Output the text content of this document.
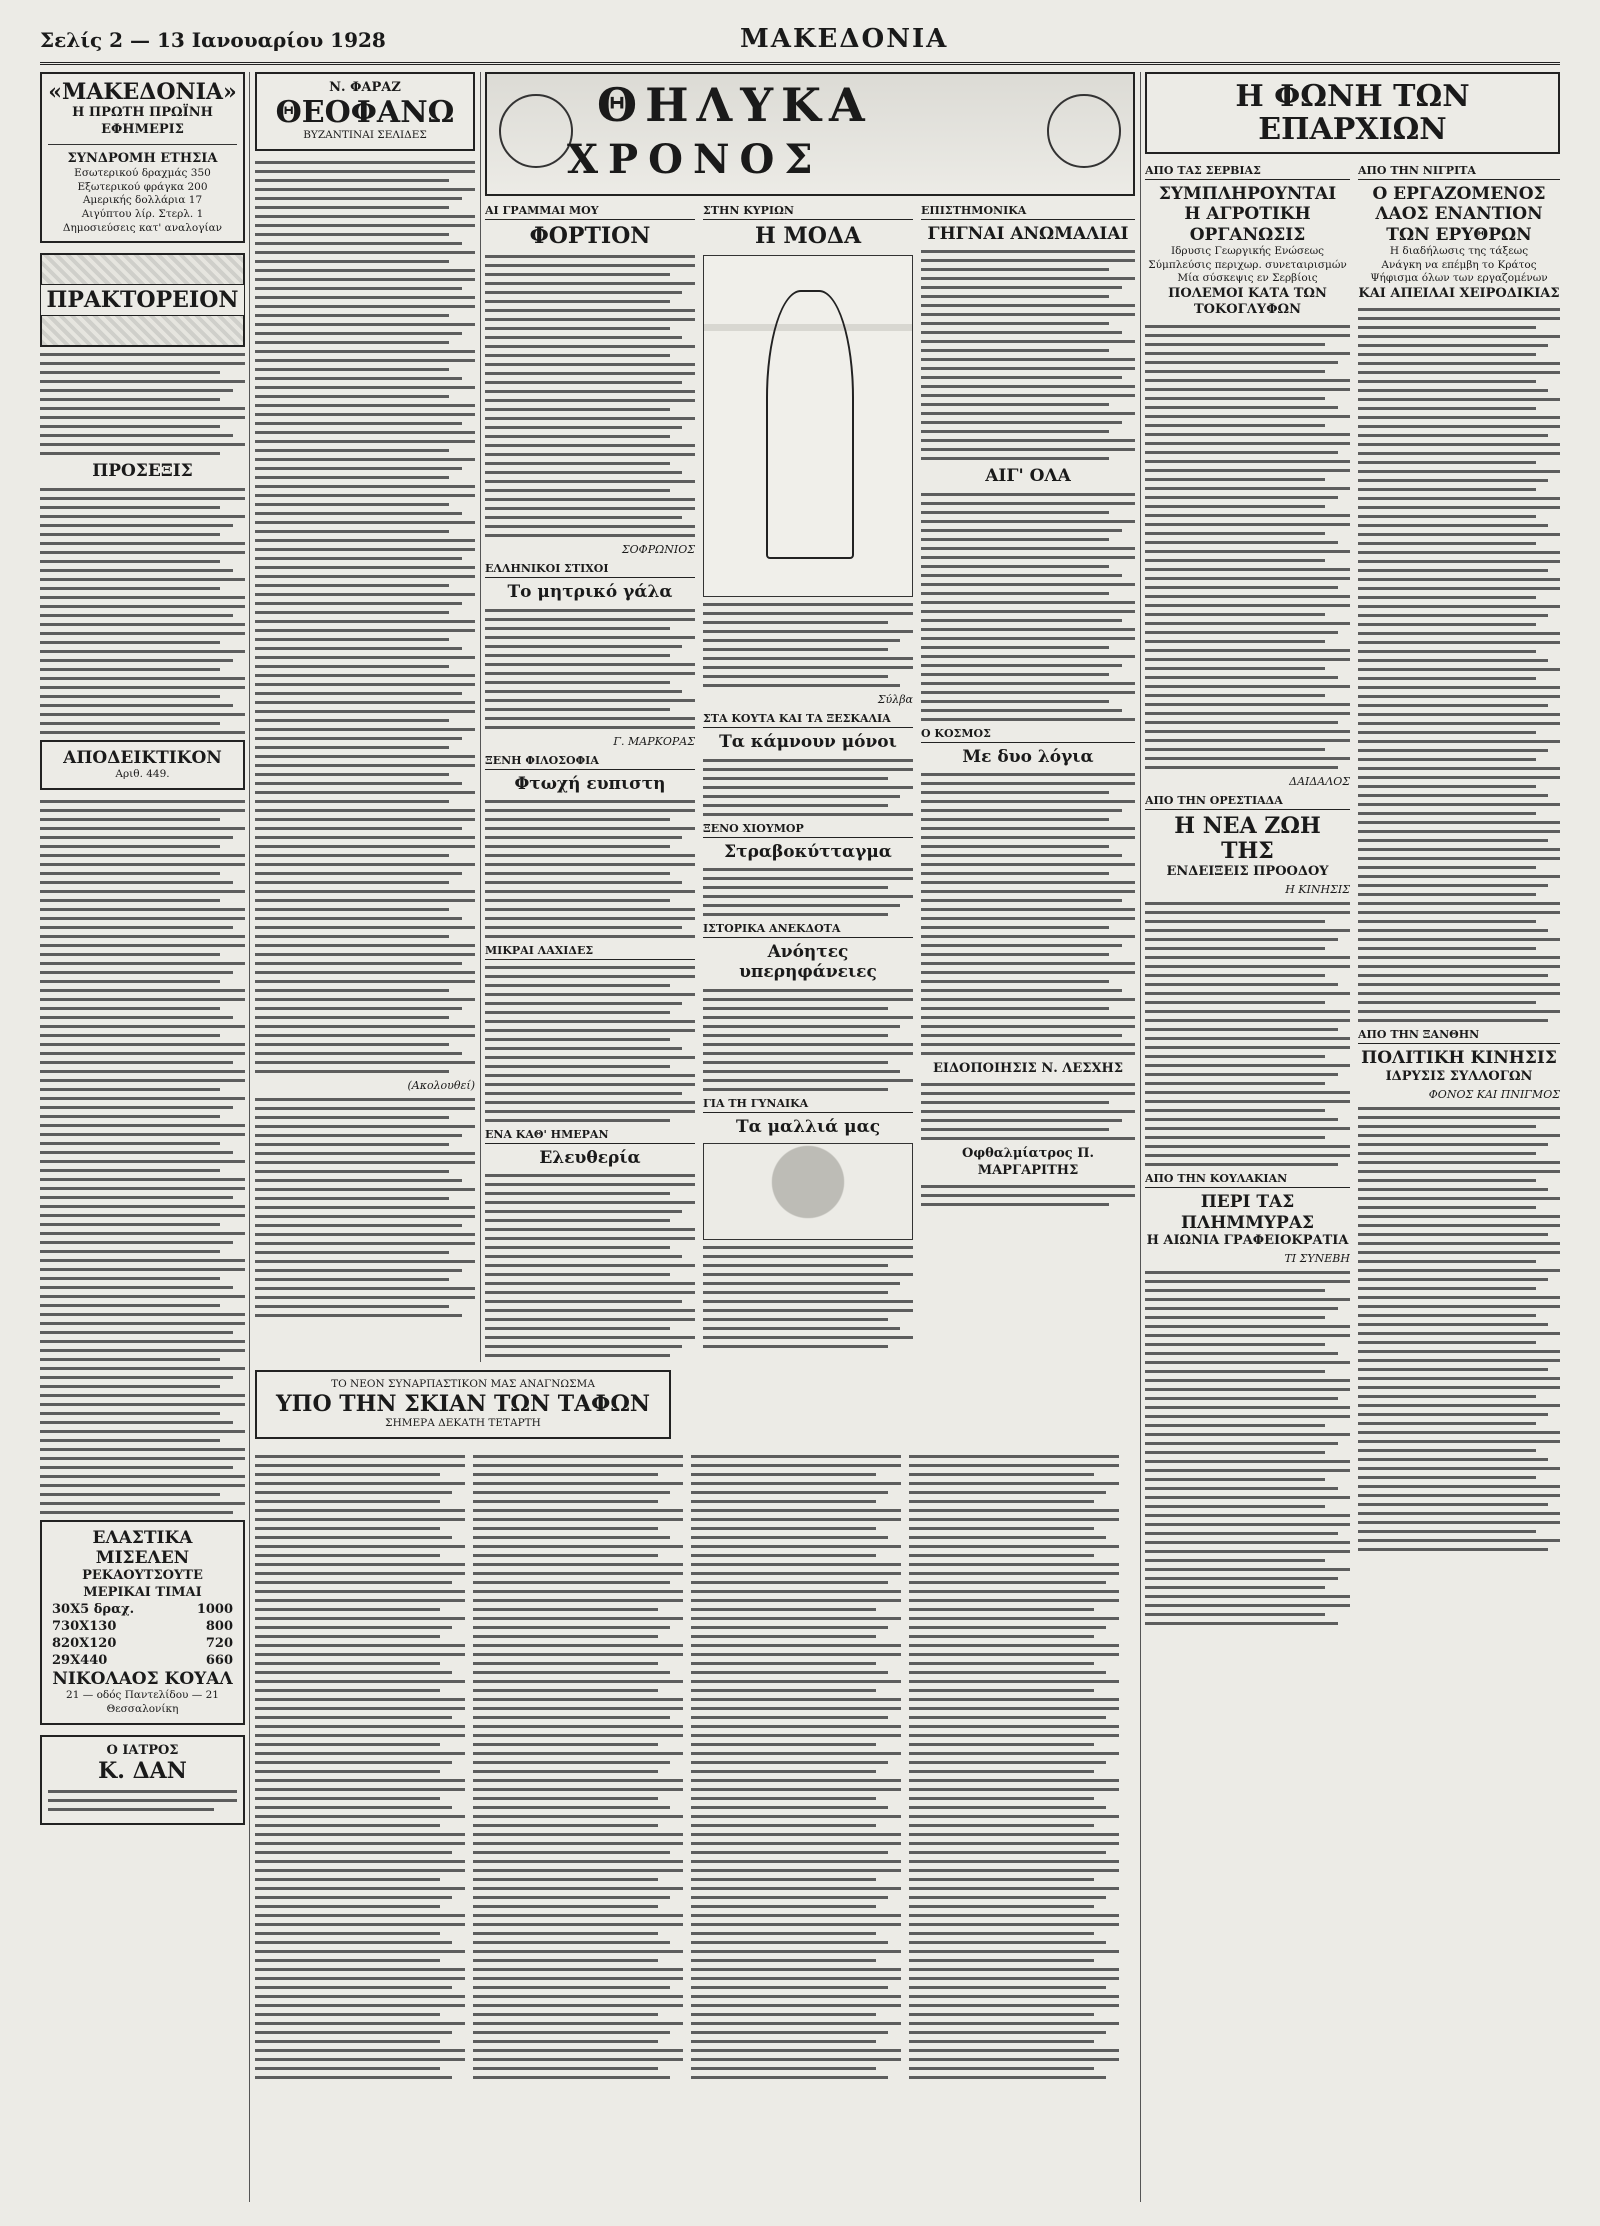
Σελίς 2 — 13 Ιανουαρίου 1928	ΜΑΚΕΔΟΝΙΑ
«ΜΑΚΕΔΟΝΙΑ»
Η ΠΡΩΤΗ ΠΡΩΪΝΗ ΕΦΗΜΕΡΙΣ
ΣΥΝΔΡΟΜΗ ΕΤΗΣΙΑ
Εσωτερικού δραχμάς 350
Εξωτερικού φράγκα 200
Αμερικής δολλάρια 17
Αιγύπτου λίρ. Στερλ. 1
Δημοσιεύσεις κατ' αναλογίαν
ΠΡΑΚΤΟΡΕΙΟΝ
ΠΡΟΣΕΞΙΣ
ΑΠΟΔΕΙΚΤΙΚΟΝ
Αριθ. 449.
ΕΛΑΣΤΙΚΑ ΜΙΣΕΛΕΝ
ΡΕΚΑΟΥΤΣΟΥΤΕ
ΜΕΡΙΚΑΙ ΤΙΜΑΙ
30X5 δραχ.	1000
730X130	800
820X120	720
29X440	660
ΝΙΚΟΛΑΟΣ ΚΟΥΑΛ
21 — οδός Παντελίδου — 21
Θεσσαλονίκη
Ο ΙΑΤΡΟΣ
Κ. ΔΑΝ
Ν. ΦΑΡΑΖ
ΘΕΟΦΑΝΩ
ΒΥΖΑΝΤΙΝΑΙ ΣΕΛΙΔΕΣ
(Ακολουθεί)
ΘΗΛΥΚΑ
ΧΡΟΝΟΣ
ΑΙ ΓΡΑΜΜΑΙ ΜΟΥ
ΦΟΡΤΙΟΝ
ΣΟΦΡΩΝΙΟΣ
ΕΛΛΗΝΙΚΟΙ ΣΤΙΧΟΙ
Το μητρικό γάλα
Γ. ΜΑΡΚΟΡΑΣ
ΞΕΝΗ ΦΙΛΟΣΟΦΙΑ
Φτωχή ευπιστη
ΜΙΚΡΑΙ ΛΑΧΙΔΕΣ
ΕΝΑ ΚΑΘ' ΗΜΕΡΑΝ
Ελευθερία
ΣΤΗΝ ΚΥΡΙΩΝ
Η ΜΟΔΑ
Σύλβα
ΣΤΑ ΚΟΥΤΑ ΚΑΙ ΤΑ ΞΕΣΚΑΛΙΑ
Τα κάμνουν μόνοι
ΞΕΝΟ ΧΙΟΥΜΟΡ
Στραβοκύτταγμα
ΙΣΤΟΡΙΚΑ ΑΝΕΚΔΟΤΑ
Ανόητες υπερηφάνειες
ΓΙΑ ΤΗ ΓΥΝΑΙΚΑ
Τα μαλλιά μας
ΕΠΙΣΤΗΜΟΝΙΚΑ
ΓΗΓΝΑΙ ΑΝΩΜΑΛΙΑΙ
ΑΙΓ' ΟΛΑ
Ο ΚΟΣΜΟΣ
Με δυο λόγια
ΕΙΔΟΠΟΙΗΣΙΣ Ν. ΛΕΣΧΗΣ
Οφθαλμίατρος Π. ΜΑΡΓΑΡΙΤΗΣ
ΤΟ ΝΕΟΝ ΣΥΝΑΡΠΑΣΤΙΚΟΝ ΜΑΣ ΑΝΑΓΝΩΣΜΑ
ΥΠΟ ΤΗΝ ΣΚΙΑΝ ΤΩΝ ΤΑΦΩΝ
ΣΗΜΕΡΑ ΔΕΚΑΤΗ ΤΕΤΑΡΤΗ
Η ΦΩΝΗ ΤΩΝ ΕΠΑΡΧΙΩΝ
ΑΠΟ ΤΑΣ ΣΕΡΒΙΑΣ
ΣΥΜΠΛΗΡΟΥΝΤΑΙ
Η ΑΓΡΟΤΙΚΗ ΟΡΓΑΝΩΣΙΣ
Ιδρυσις Γεωργικής Ενώσεως
Σύμπλεύσις περιχωρ. συνεταιρισμών
Μία σύσκεψις εν Σερβίοις
ΠΟΛΕΜΟΙ ΚΑΤΑ ΤΩΝ ΤΟΚΟΓΛΥΦΩΝ
ΔΑΙΔΑΛΟΣ
ΑΠΟ ΤΗΝ ΟΡΕΣΤΙΑΔΑ
Η ΝΕΑ ΖΩΗ ΤΗΣ
ΕΝΔΕΙΞΕΙΣ ΠΡΟΟΔΟΥ
Η ΚΙΝΗΣΙΣ
ΑΠΟ ΤΗΝ ΚΟΥΛΑΚΙΑΝ
ΠΕΡΙ ΤΑΣ ΠΛΗΜΜΥΡΑΣ
Η ΑΙΩΝΙΑ ΓΡΑΦΕΙΟΚΡΑΤΙΑ
ΤΙ ΣΥΝΕΒΗ
ΑΠΟ ΤΗΝ ΝΙΓΡΙΤΑ
Ο ΕΡΓΑΖΟΜΕΝΟΣ ΛΑΟΣ ΕΝΑΝΤΙΟΝ ΤΩΝ ΕΡΥΘΡΩΝ
Η διαδήλωσις της τάξεως
Ανάγκη να επέμβη το Κράτος
Ψήφισμα όλων των εργαζομένων
ΚΑΙ ΑΠΕΙΛΑΙ ΧΕΙΡΟΔΙΚΙΑΣ
ΑΠΟ ΤΗΝ ΞΑΝΘΗΝ
ΠΟΛΙΤΙΚΗ ΚΙΝΗΣΙΣ
ΙΔΡΥΣΙΣ ΣΥΛΛΟΓΩΝ
ΦΟΝΟΣ ΚΑΙ ΠΝΙΓΜΟΣ
